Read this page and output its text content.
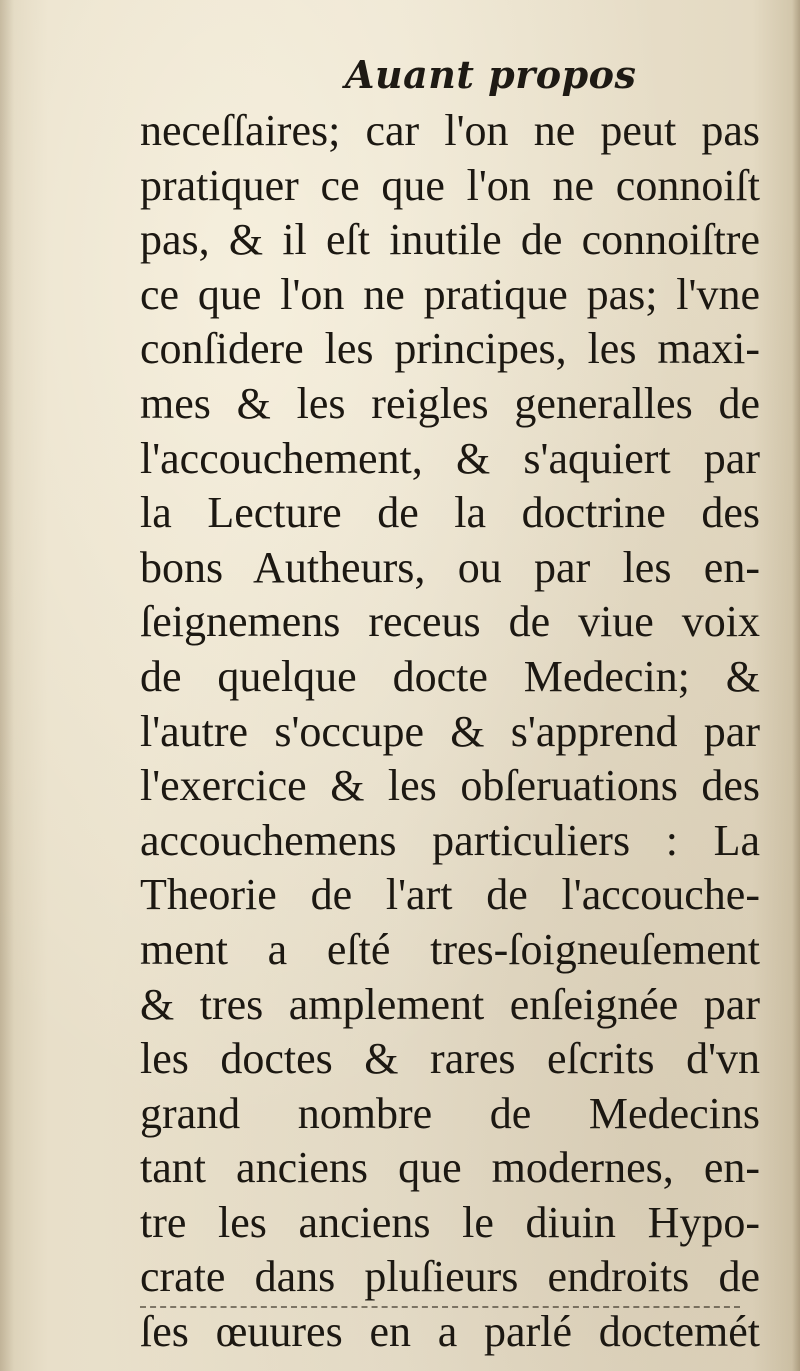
Auant propos
neceſſaires; car l'on ne peut pas
pratiquer ce que l'on ne connoiſt
pas, & il eſt inutile de connoiſtre
ce que l'on ne pratique pas; l'vne
conſidere les principes, les maxi-
mes & les reigles generalles de
l'accouchement, & s'aquiert par
la Lecture de la doctrine des
bons Autheurs, ou par les en-
ſeignemens receus de viue voix
de quelque docte Medecin; &
l'autre s'occupe & s'apprend par
l'exercice & les obſeruations des
accouchemens particuliers : La
Theorie de l'art de l'accouche-
ment a eſté tres-ſoigneuſement
& tres amplement enſeignée par
les doctes & rares eſcrits d'vn
grand nombre de Medecins
tant anciens que modernes, en-
tre les anciens le diuin Hypo-
crate dans pluſieurs endroits de
ſes œuures en a parlé doctemét
